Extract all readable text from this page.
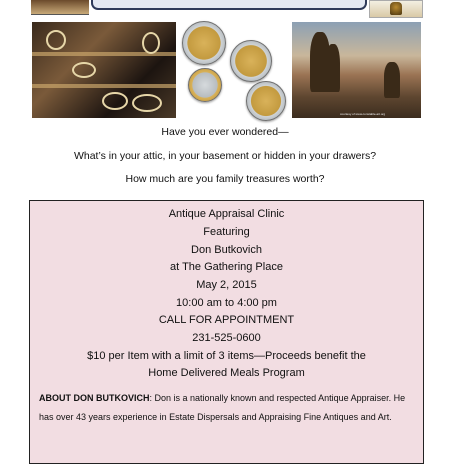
courtesy of www.constable-art.org
Have you ever wondered—
What’s in your attic, in your basement or hidden in your drawers?
How much are you family treasures worth?
Antique Appraisal Clinic
Featuring
Don Butkovich
at The Gathering Place
May 2, 2015
10:00 am to 4:00 pm
CALL FOR APPOINTMENT
231-525-0600
$10 per Item with a limit of 3 items—Proceeds benefit the
Home Delivered Meals Program
ABOUT DON BUTKOVICH: Don is a nationally known and respected Antique Appraiser. He has over 43 years experience in Estate Dispersals and Appraising Fine Antiques and Art.
